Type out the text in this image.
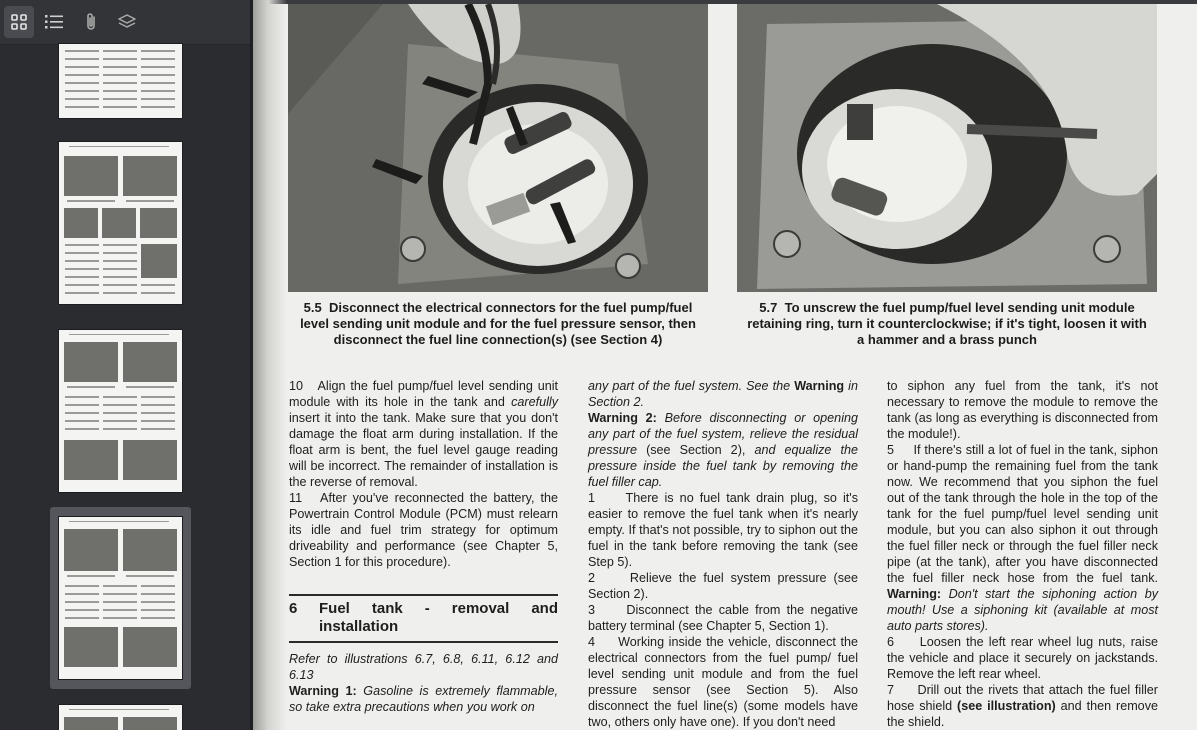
5.5 Disconnect the electrical connectors for the fuel pump/fuel level sending unit module and for the fuel pressure sensor, then disconnect the fuel line connection(s) (see Section 4)
5.7 To unscrew the fuel pump/fuel level sending unit module retaining ring, turn it counterclockwise; if it's tight, loosen it with a hammer and a brass punch

10 Align the fuel pump/fuel level sending unit module with its hole in the tank and carefully insert it into the tank. Make sure that you don't damage the float arm during installation. If the float arm is bent, the fuel level gauge reading will be incorrect. The remainder of installation is the reverse of removal.

11 After you've reconnected the battery, the Powertrain Control Module (PCM) must relearn its idle and fuel trim strategy for optimum driveability and performance (see Chapter 5, Section 1 for this procedure).

6	Fuel tank - removal and installation

Refer to illustrations 6.7, 6.8, 6.11, 6.12 and 6.13

Warning 1: Gasoline is extremely flammable, so take extra precautions when you work on

any part of the fuel system. See the Warning in Section 2.

Warning 2: Before disconnecting or opening any part of the fuel system, relieve the residual pressure (see Section 2), and equalize the pressure inside the fuel tank by removing the fuel filler cap.

1 There is no fuel tank drain plug, so it's easier to remove the fuel tank when it's nearly empty. If that's not possible, try to siphon out the fuel in the tank before removing the tank (see Step 5).

2	Relieve the fuel system pressure (see Section 2).

3 Disconnect the cable from the negative battery terminal (see Chapter 5, Section 1).

4 Working inside the vehicle, disconnect the electrical connectors from the fuel pump/ fuel level sending unit module and from the fuel pressure sensor (see Section 5). Also disconnect the fuel line(s) (some models have two, others only have one). If you don't need

to siphon any fuel from the tank, it's not necessary to remove the module to remove the tank (as long as everything is disconnected from the module!).

5 If there's still a lot of fuel in the tank, siphon or hand-pump the remaining fuel from the tank now. We recommend that you siphon the fuel out of the tank through the hole in the top of the tank for the fuel pump/fuel level sending unit module, but you can also siphon it out through the fuel filler neck or through the fuel filler neck pipe (at the tank), after you have disconnected the fuel filler neck hose from the fuel tank. Warning: Don't start the siphoning action by mouth! Use a siphoning kit (available at most auto parts stores).

6 Loosen the left rear wheel lug nuts, raise the vehicle and place it securely on jackstands. Remove the left rear wheel.

7 Drill out the rivets that attach the fuel filler hose shield (see illustration) and then remove the shield.
